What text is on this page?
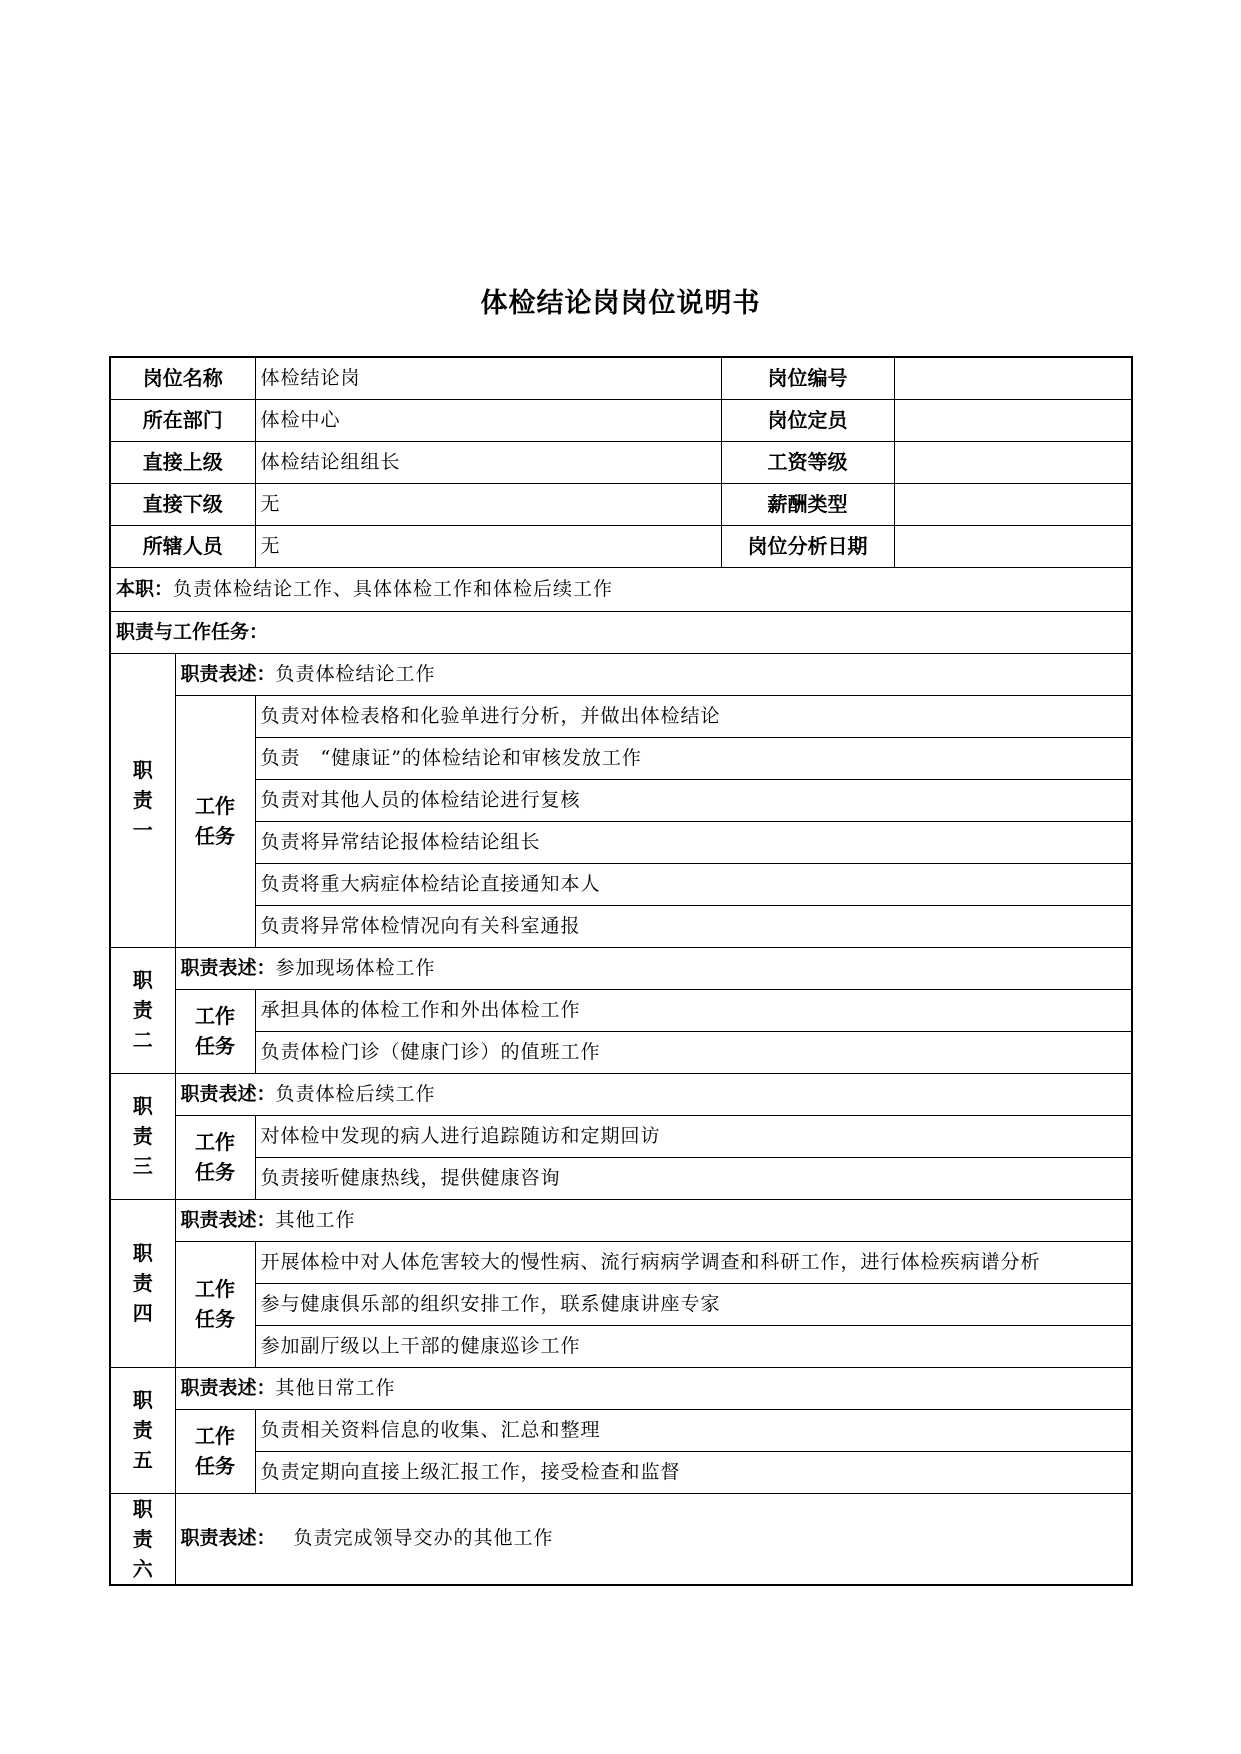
体检结论岗岗位说明书
岗位名称		体检结论岗	岗位编号	
所在部门		体检中心	岗位定员	
直接上级		体检结论组组长	工资等级	
直接下级		无	薪酬类型	
所辖人员		无	岗位分析日期	
本职：负责体检结论工作、具体体检工作和体检后续工作				
职责与工作任务：				

职
责
一	职责表述：负责体检结论工作			

	工作
任务	负责对体检表格和化验单进行分析，并做出体检结论		
		负责　“健康证”的体检结论和审核发放工作		
		负责对其他人员的体检结论进行复核		
		负责将异常结论报体检结论组长		
		负责将重大病症体检结论直接通知本人		
		负责将异常体检情况向有关科室通报		

职
责
二	职责表述：参加现场体检工作			

	工作
任务	承担具体的体检工作和外出体检工作		
		负责体检门诊（健康门诊）的值班工作		

职
责
三	职责表述：负责体检后续工作			

	工作
任务	对体检中发现的病人进行追踪随访和定期回访		
		负责接听健康热线，提供健康咨询		

职
责
四	职责表述：其他工作			

	工作
任务	开展体检中对人体危害较大的慢性病、流行病病学调查和科研工作，进行体检疾病谱分析		
		参与健康俱乐部的组织安排工作，联系健康讲座专家		
		参加副厅级以上干部的健康巡诊工作		

职
责
五	职责表述：其他日常工作			

	工作
任务	负责相关资料信息的收集、汇总和整理		
		负责定期向直接上级汇报工作，接受检查和监督		

职
责
六	职责表述： 负责完成领导交办的其他工作			
